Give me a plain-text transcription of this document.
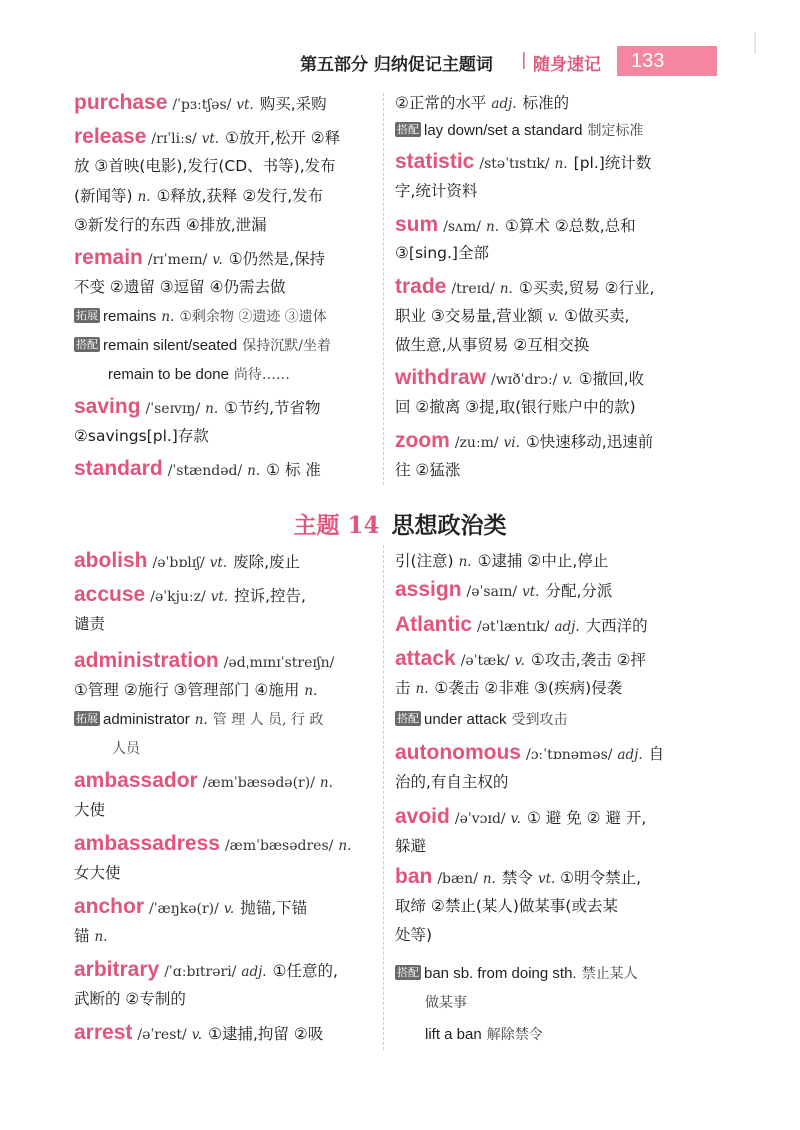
第五部分 归纳促记主题词 | 随身速记	133
purchase /ˈpɜːtʃəs/ vt. 购买,采购
release /rɪˈliːs/ vt. ①放开,松开 ②释
放 ③首映(电影),发行(CD、书等),发布
(新闻等) n. ①释放,获释 ②发行,发布
③新发行的东西 ④排放,泄漏
remain /rɪˈmeɪn/ v. ①仍然是,保持
不变 ②遗留 ③逗留 ④仍需去做
拓展 remains n. ①剩余物 ②遗迹 ③遗体
搭配 remain silent/seated 保持沉默/坐着
remain to be done 尚待……
saving /ˈseɪvɪŋ/ n. ①节约,节省物
②savings[pl.]存款
standard /ˈstændəd/ n. ① 标 准
②正常的水平 adj. 标准的
搭配 lay down/set a standard 制定标准
statistic /stəˈtɪstɪk/ n. [pl.]统计数
字,统计资料
sum /sʌm/ n. ①算术 ②总数,总和
③[sing.]全部
trade /treɪd/ n. ①买卖,贸易 ②行业,
职业 ③交易量,营业额 v. ①做买卖,
做生意,从事贸易 ②互相交换
withdraw /wɪðˈdrɔː/ v. ①撤回,收
回 ②撤离 ③提,取(银行账户中的款)
zoom /zuːm/ vi. ①快速移动,迅速前
往 ②猛涨
主题 14 思想政治类
abolish /əˈbɒlɪʃ/ vt. 废除,废止
accuse /əˈkjuːz/ vt. 控诉,控告,
谴责
administration /ədˌmɪnɪˈstreɪʃn/
①管理 ②施行 ③管理部门 ④施用 n.
拓展 administrator n. 管 理 人 员, 行 政
人员
ambassador /æmˈbæsədə(r)/ n.
大使
ambassadress /æmˈbæsədres/ n.
女大使
anchor /ˈæŋkə(r)/ v. 抛锚,下锚
锚 n.
arbitrary /ˈɑːbɪtrəri/ adj. ①任意的,
武断的 ②专制的
arrest /əˈrest/ v. ①逮捕,拘留 ②吸
引(注意) n. ①逮捕 ②中止,停止
assign /əˈsaɪn/ vt. 分配,分派
Atlantic /ətˈlæntɪk/ adj. 大西洋的
attack /əˈtæk/ v. ①攻击,袭击 ②抨
击 n. ①袭击 ②非难 ③(疾病)侵袭
搭配 under attack 受到攻击
autonomous /ɔːˈtɒnəməs/ adj. 自
治的,有自主权的
avoid /əˈvɔɪd/ v. ① 避 免 ② 避 开,
躲避
ban /bæn/ n. 禁令 vt. ①明令禁止,
取缔 ②禁止(某人)做某事(或去某
处等)
搭配 ban sb. from doing sth. 禁止某人
做某事
lift a ban 解除禁令
